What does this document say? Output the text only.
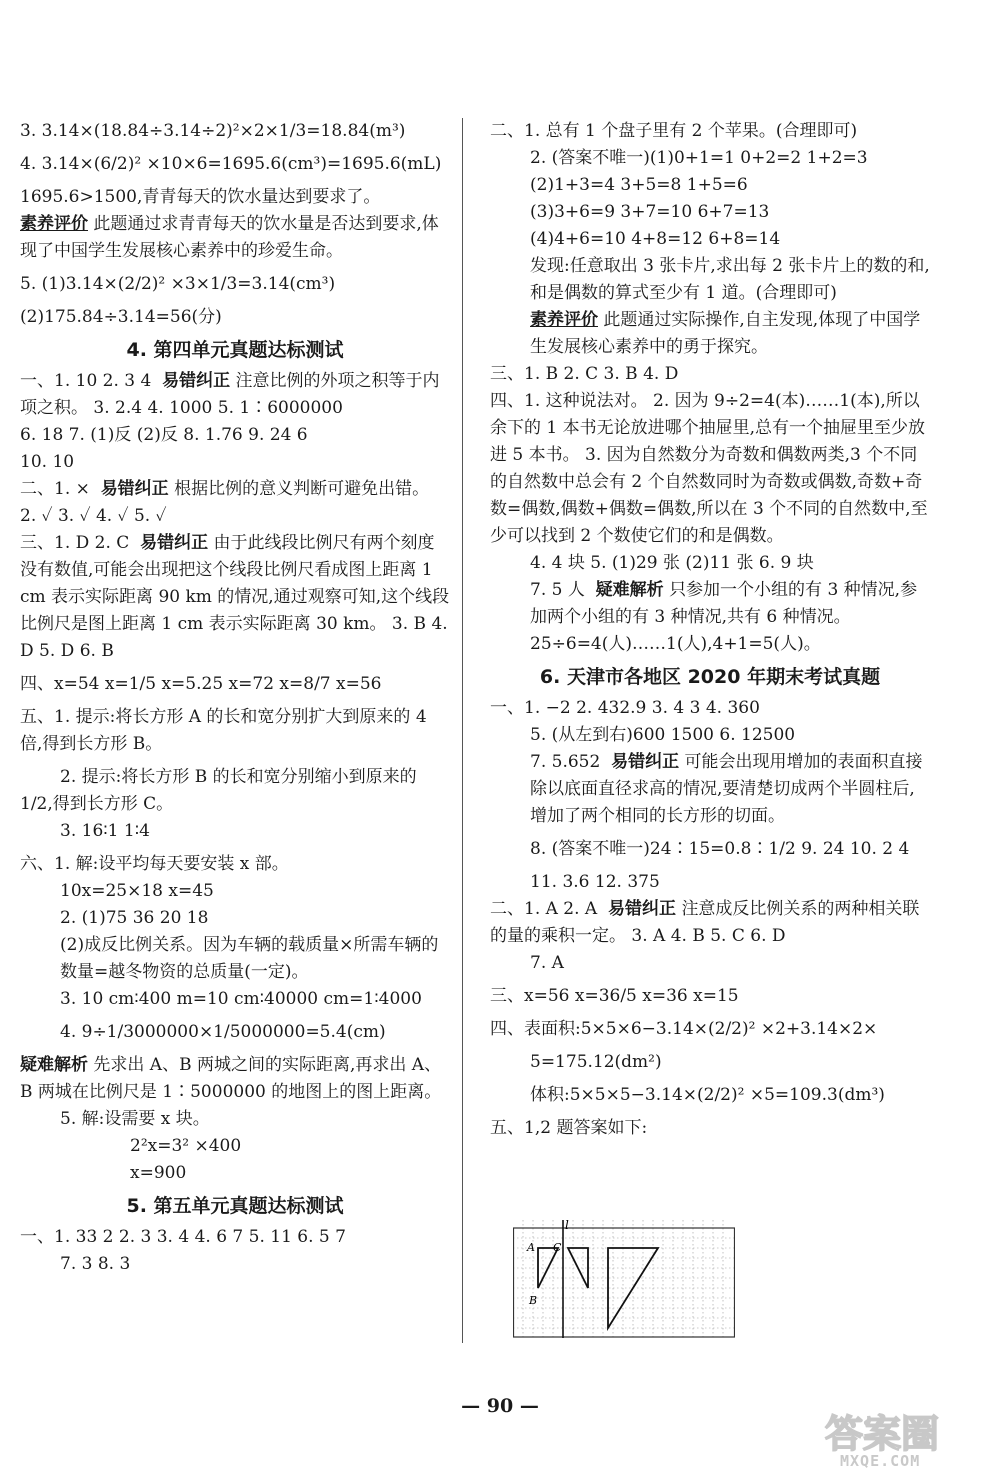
3. 3.14×(18.84÷3.14÷2)²×2×1/3=18.84(m³)
4. 3.14×(6/2)² ×10×6=1695.6(cm³)=1695.6(mL)
1695.6>1500,青青每天的饮水量达到要求了。
素养评价 此题通过求青青每天的饮水量是否达到要求,体现了中国学生发展核心素养中的珍爱生命。
5. (1)3.14×(2/2)² ×3×1/3=3.14(cm³)
(2)175.84÷3.14=56(分)
4. 第四单元真题达标测试
一、1. 10 2. 3 4 易错纠正 注意比例的外项之积等于内项之积。 3. 2.4 4. 1000 5. 1∶6000000
6. 18 7. (1)反 (2)反 8. 1.76 9. 24 6
10. 10
二、1. × 易错纠正 根据比例的意义判断可避免出错。 2. ✓ 3. ✓ 4. ✓ 5. ✓
三、1. D 2. C 易错纠正 由于此线段比例尺有两个刻度没有数值,可能会出现把这个线段比例尺看成图上距离 1 cm 表示实际距离 90 km 的情况,通过观察可知,这个线段比例尺是图上距离 1 cm 表示实际距离 30 km。 3. B 4. D 5. D 6. B
四、x=54 x=1/5 x=5.25 x=72 x=8/7 x=56
五、1. 提示:将长方形 A 的长和宽分别扩大到原来的 4 倍,得到长方形 B。
2. 提示:将长方形 B 的长和宽分别缩小到原来的
1/2,得到长方形 C。
3. 16∶1 1∶4
六、1. 解:设平均每天要安装 x 部。
10x=25×18 x=45
2. (1)75 36 20 18
(2)成反比例关系。因为车辆的载质量×所需车辆的数量=越冬物资的总质量(一定)。
3. 10 cm∶400 m=10 cm∶40000 cm=1∶4000
4. 9÷1/3000000×1/5000000=5.4(cm)
疑难解析 先求出 A、B 两城之间的实际距离,再求出 A、B 两城在比例尺是 1∶5000000 的地图上的图上距离。
5. 解:设需要 x 块。
2²x=3² ×400
x=900
5. 第五单元真题达标测试
一、1. 33 2 2. 3 3. 4 4. 6 7 5. 11 6. 5 7
7. 3 8. 3
二、1. 总有 1 个盘子里有 2 个苹果。(合理即可)
2. (答案不唯一)(1)0+1=1 0+2=2 1+2=3
(2)1+3=4 3+5=8 1+5=6
(3)3+6=9 3+7=10 6+7=13
(4)4+6=10 4+8=12 6+8=14
发现:任意取出 3 张卡片,求出每 2 张卡片上的数的和,和是偶数的算式至少有 1 道。(合理即可)
素养评价 此题通过实际操作,自主发现,体现了中国学生发展核心素养中的勇于探究。
三、1. B 2. C 3. B 4. D
四、1. 这种说法对。 2. 因为 9÷2=4(本)……1(本),所以余下的 1 本书无论放进哪个抽屉里,总有一个抽屉里至少放进 5 本书。 3. 因为自然数分为奇数和偶数两类,3 个不同的自然数中总会有 2 个自然数同时为奇数或偶数,奇数+奇数=偶数,偶数+偶数=偶数,所以在 3 个不同的自然数中,至少可以找到 2 个数使它们的和是偶数。
4. 4 块 5. (1)29 张 (2)11 张 6. 9 块
7. 5 人 疑难解析 只参加一个小组的有 3 种情况,参加两个小组的有 3 种情况,共有 6 种情况。25÷6=4(人)……1(人),4+1=5(人)。
6. 天津市各地区 2020 年期末考试真题
一、1. −2 2. 432.9 3. 4 3 4. 360
5. (从左到右)600 1500 6. 12500
7. 5.652 易错纠正 可能会出现用增加的表面积直接除以底面直径求高的情况,要清楚切成两个半圆柱后,增加了两个相同的长方形的切面。
8. (答案不唯一)24∶15=0.8∶1/2 9. 24 10. 2 4
11. 3.6 12. 375
二、1. A 2. A 易错纠正 注意成反比例关系的两种相关联的量的乘积一定。 3. A 4. B 5. C 6. D
7. A
三、x=56 x=36/5 x=36 x=15
四、表面积:5×5×6−3.14×(2/2)² ×2+3.14×2×
5=175.12(dm²)
体积:5×5×5−3.14×(2/2)² ×5=109.3(dm³)
五、1,2 题答案如下:
l
A C
B
— 90 —
答案圈
MXQE.COM
